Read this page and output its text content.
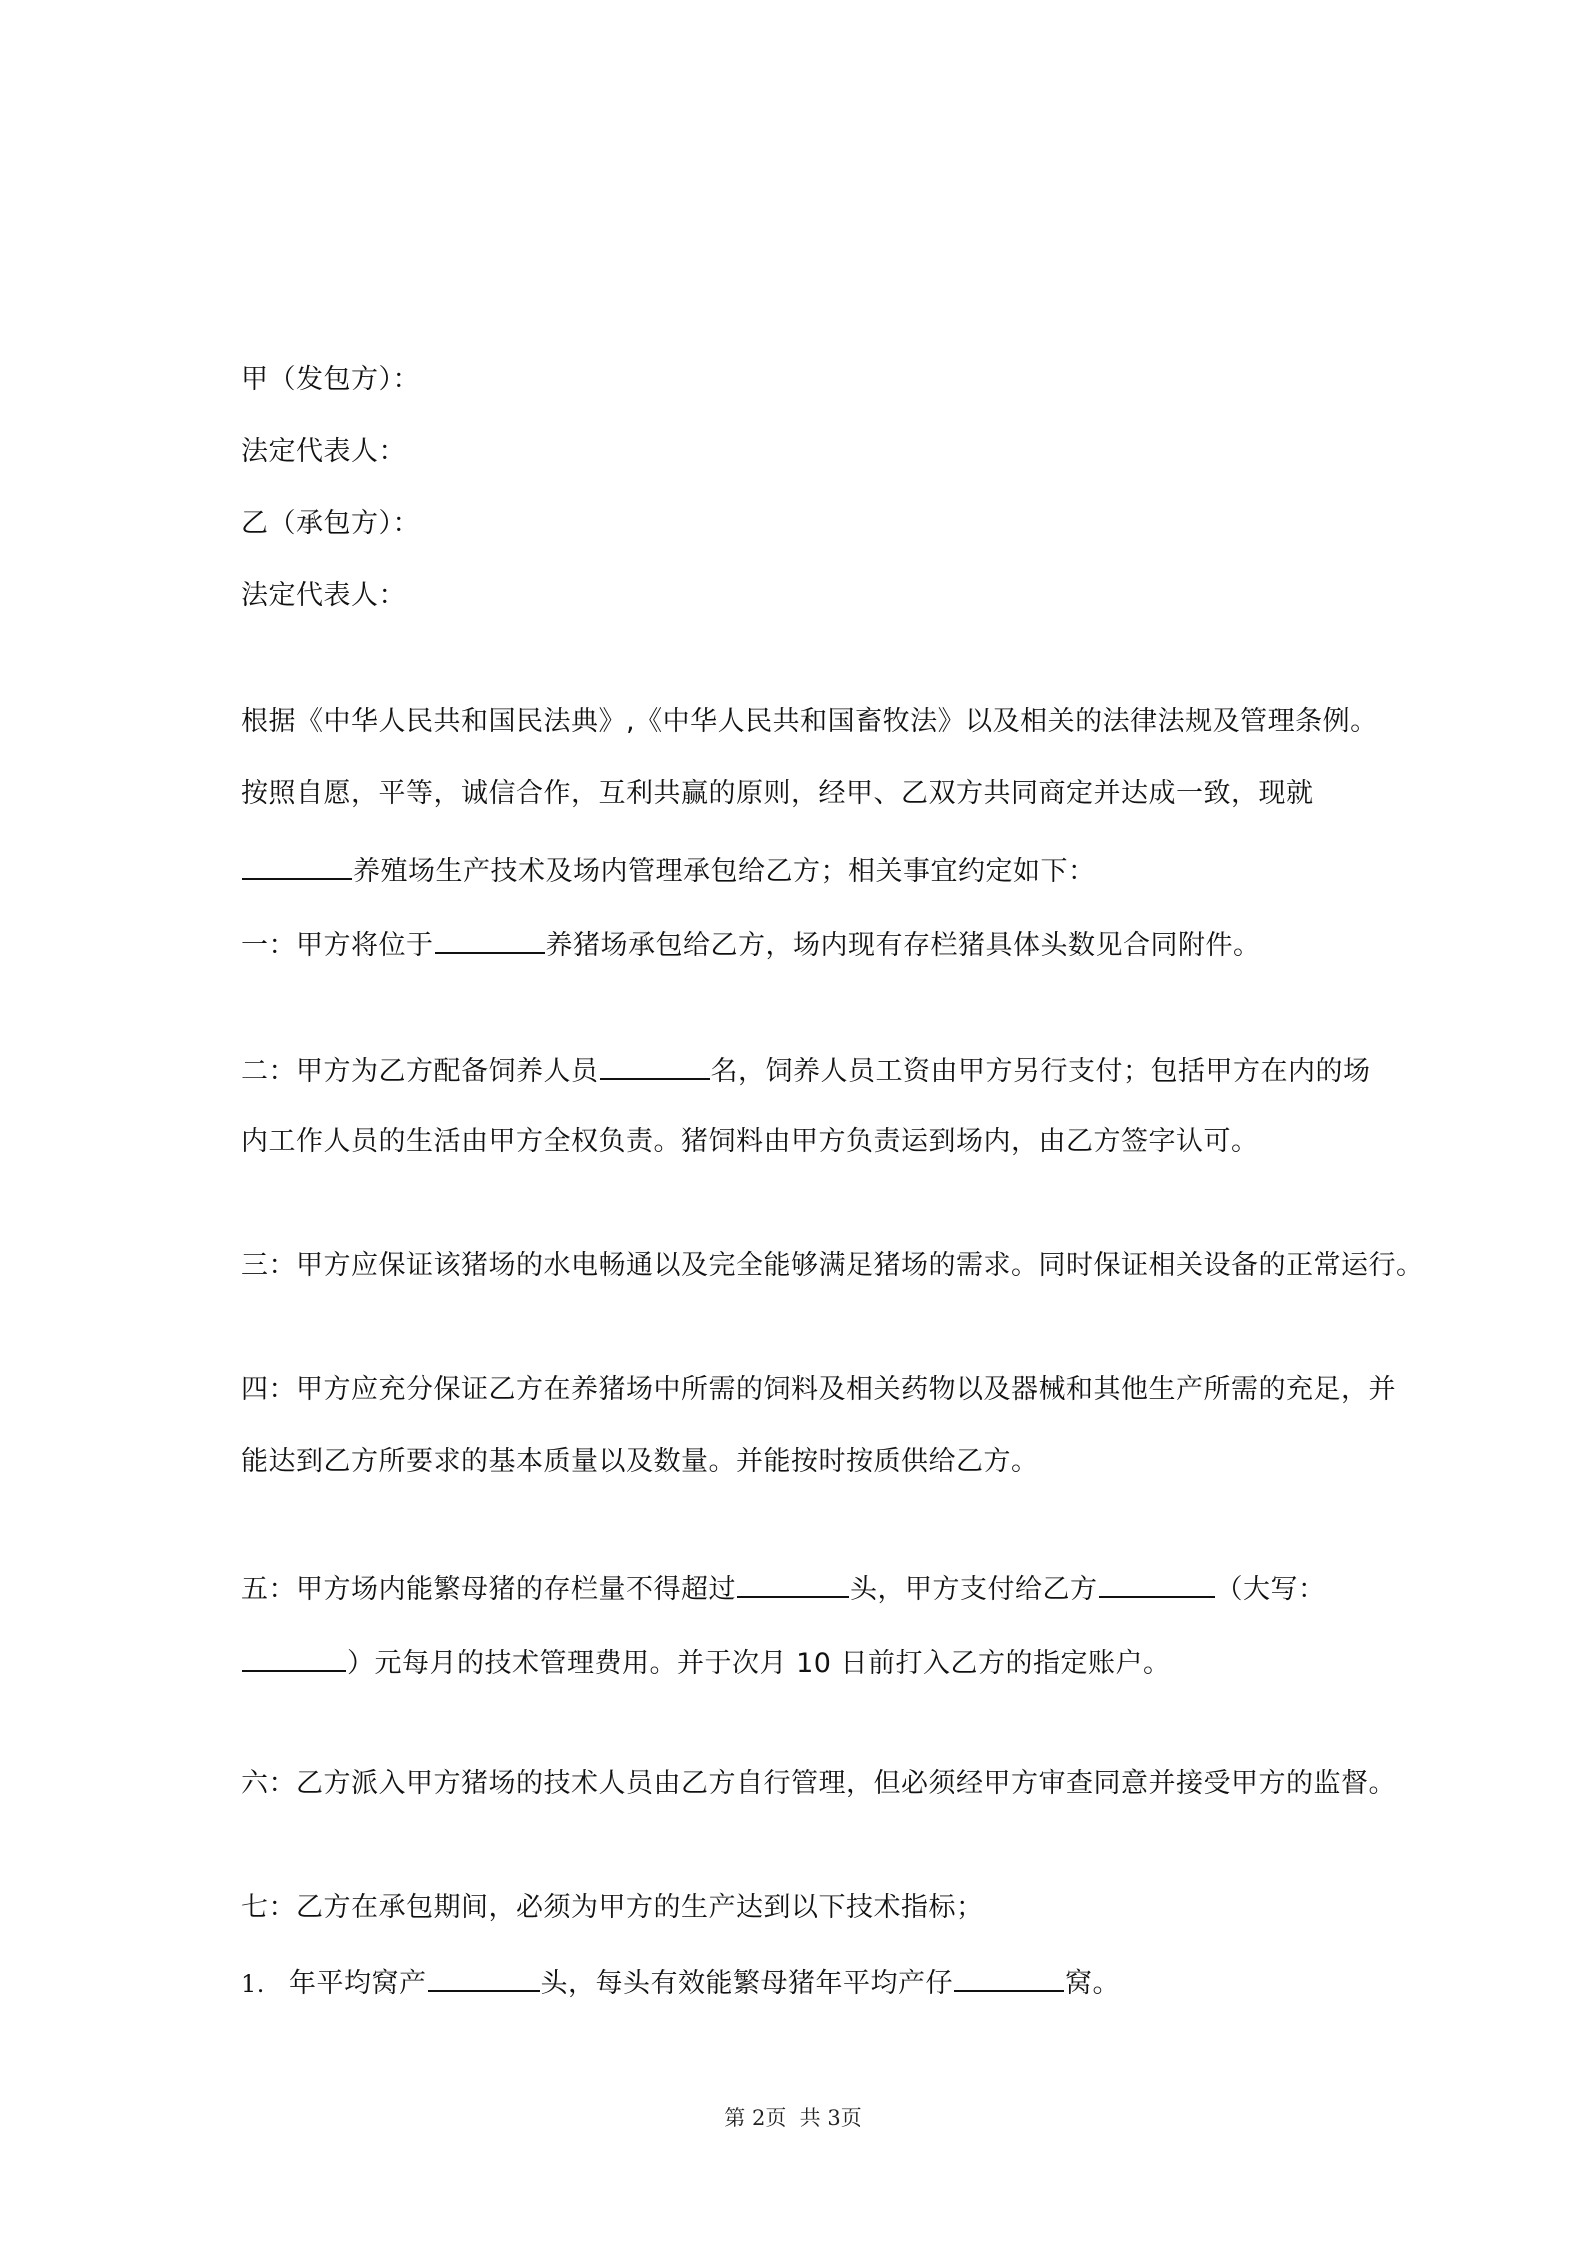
甲（发包方）：
法定代表人：
乙（承包方）：
法定代表人：
根据《中华人民共和国民法典》,《中华人民共和国畜牧法》以及相关的法律法规及管理条例。
按照自愿，平等，诚信合作，互利共赢的原则，经甲、乙双方共同商定并达成一致，现就
养殖场生产技术及场内管理承包给乙方；相关事宜约定如下：
一：甲方将位于	养猪场承包给乙方，场内现有存栏猪具体头数见合同附件。
二：甲方为乙方配备饲养人员	名，饲养人员工资由甲方另行支付；包括甲方在内的场
内工作人员的生活由甲方全权负责。猪饲料由甲方负责运到场内，由乙方签字认可。
三：甲方应保证该猪场的水电畅通以及完全能够满足猪场的需求。同时保证相关设备的正常运行。
四：甲方应充分保证乙方在养猪场中所需的饲料及相关药物以及器械和其他生产所需的充足，并
能达到乙方所要求的基本质量以及数量。并能按时按质供给乙方。
五：甲方场内能繁母猪的存栏量不得超过	头，甲方支付给乙方	（大写：
）元每月的技术管理费用。并于次月 10 日前打入乙方的指定账户。
六：乙方派入甲方猪场的技术人员由乙方自行管理，但必须经甲方审查同意并接受甲方的监督。
七：乙方在承包期间，必须为甲方的生产达到以下技术指标；
1. 年平均窝产	头，每头有效能繁母猪年平均产仔	窝。
第 2页  共 3页
